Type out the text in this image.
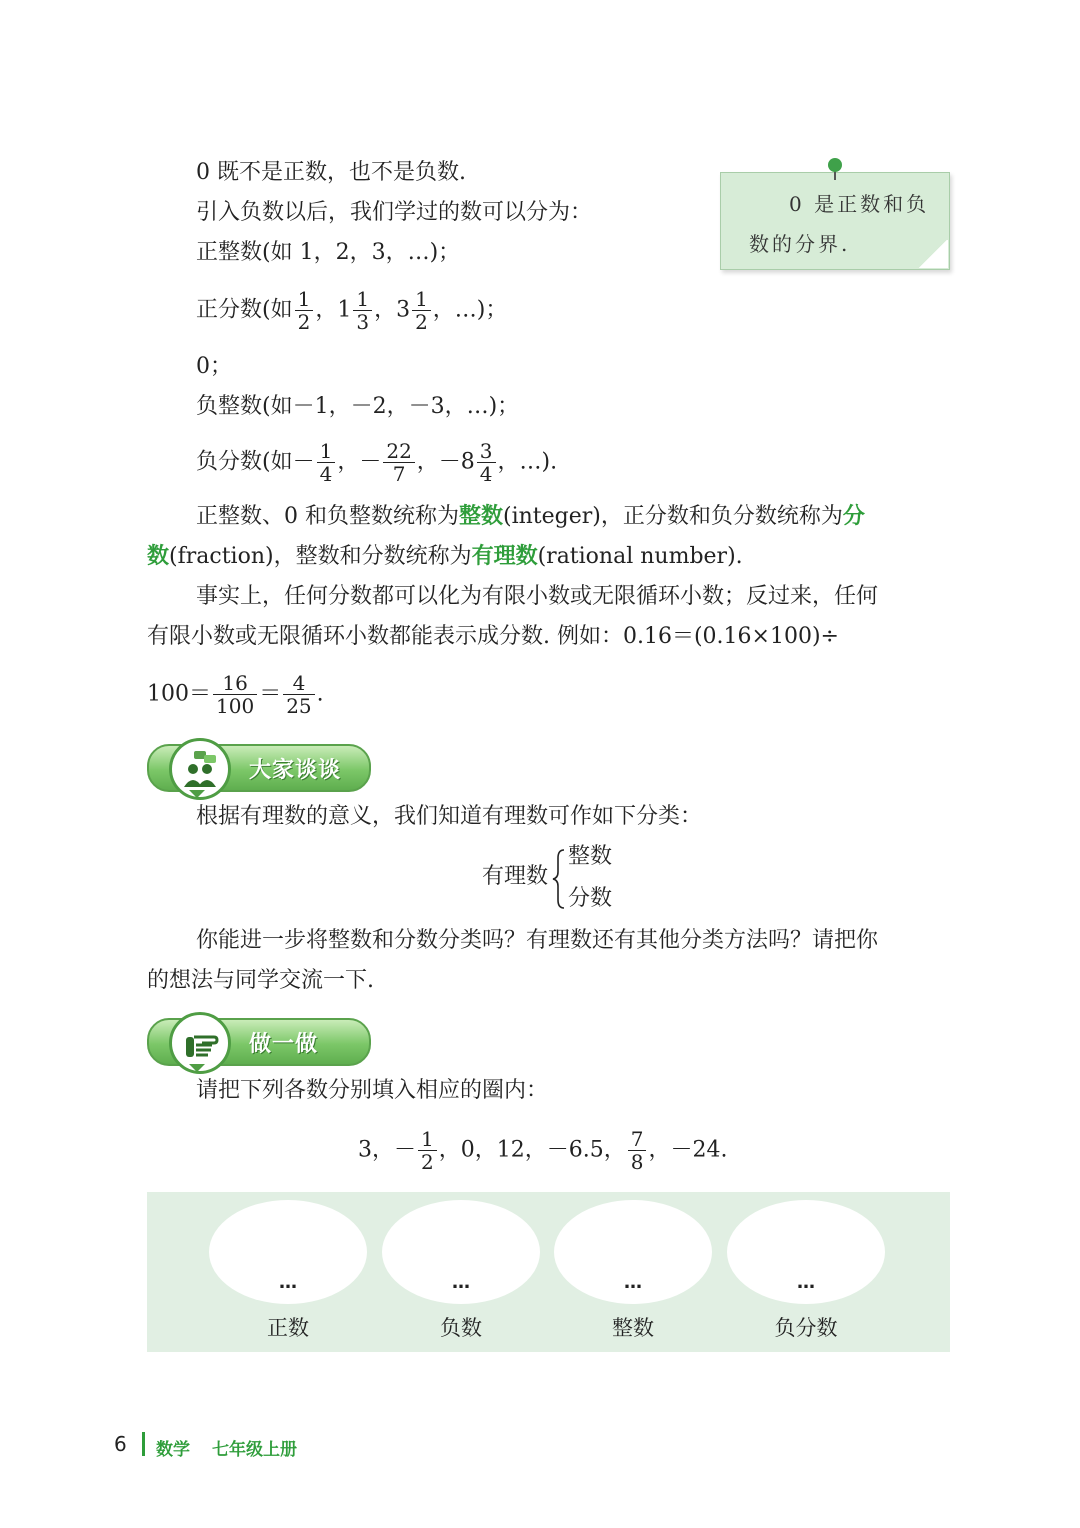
0 既不是正数，也不是负数.
引入负数以后，我们学过的数可以分为：
正整数(如 1，2，3，…)；
正分数(如 $\frac{1}{2}$ ，$1 \frac{1}{3}$ ，$3 \frac{1}{2}$ ，…)；
0；
负整数(如－1，－2，－3，…)；
负分数(如－ $\frac{1}{4}$ ，－ $\frac{22}{7}$ ，$-8 \frac{3}{4}$ ，…).
0 是正数和负
数的分界.
正整数、0 和负整数统称为整数(integer)，正分数和负分数统称为分
数(fraction)，整数和分数统称为有理数(rational number).
事实上，任何分数都可以化为有限小数或无限循环小数；反过来，任何
有限小数或无限循环小数都能表示成分数. 例如：0.16＝(0.16×100)÷
$100= \frac{16}{100} = \frac{4}{25}$ .
大家谈谈
根据有理数的意义，我们知道有理数可作如下分类：
有理数
整数
分数
你能进一步将整数和分数分类吗？有理数还有其他分类方法吗？请把你
的想法与同学交流一下.
做一做
请把下列各数分别填入相应的圈内：
3，－ $\frac{1}{2}$ ，0，12，－6.5， $\frac{7}{8}$ ，－24.
…
正数
…
负数
…
整数
…
负分数
6 数学 七年级上册
